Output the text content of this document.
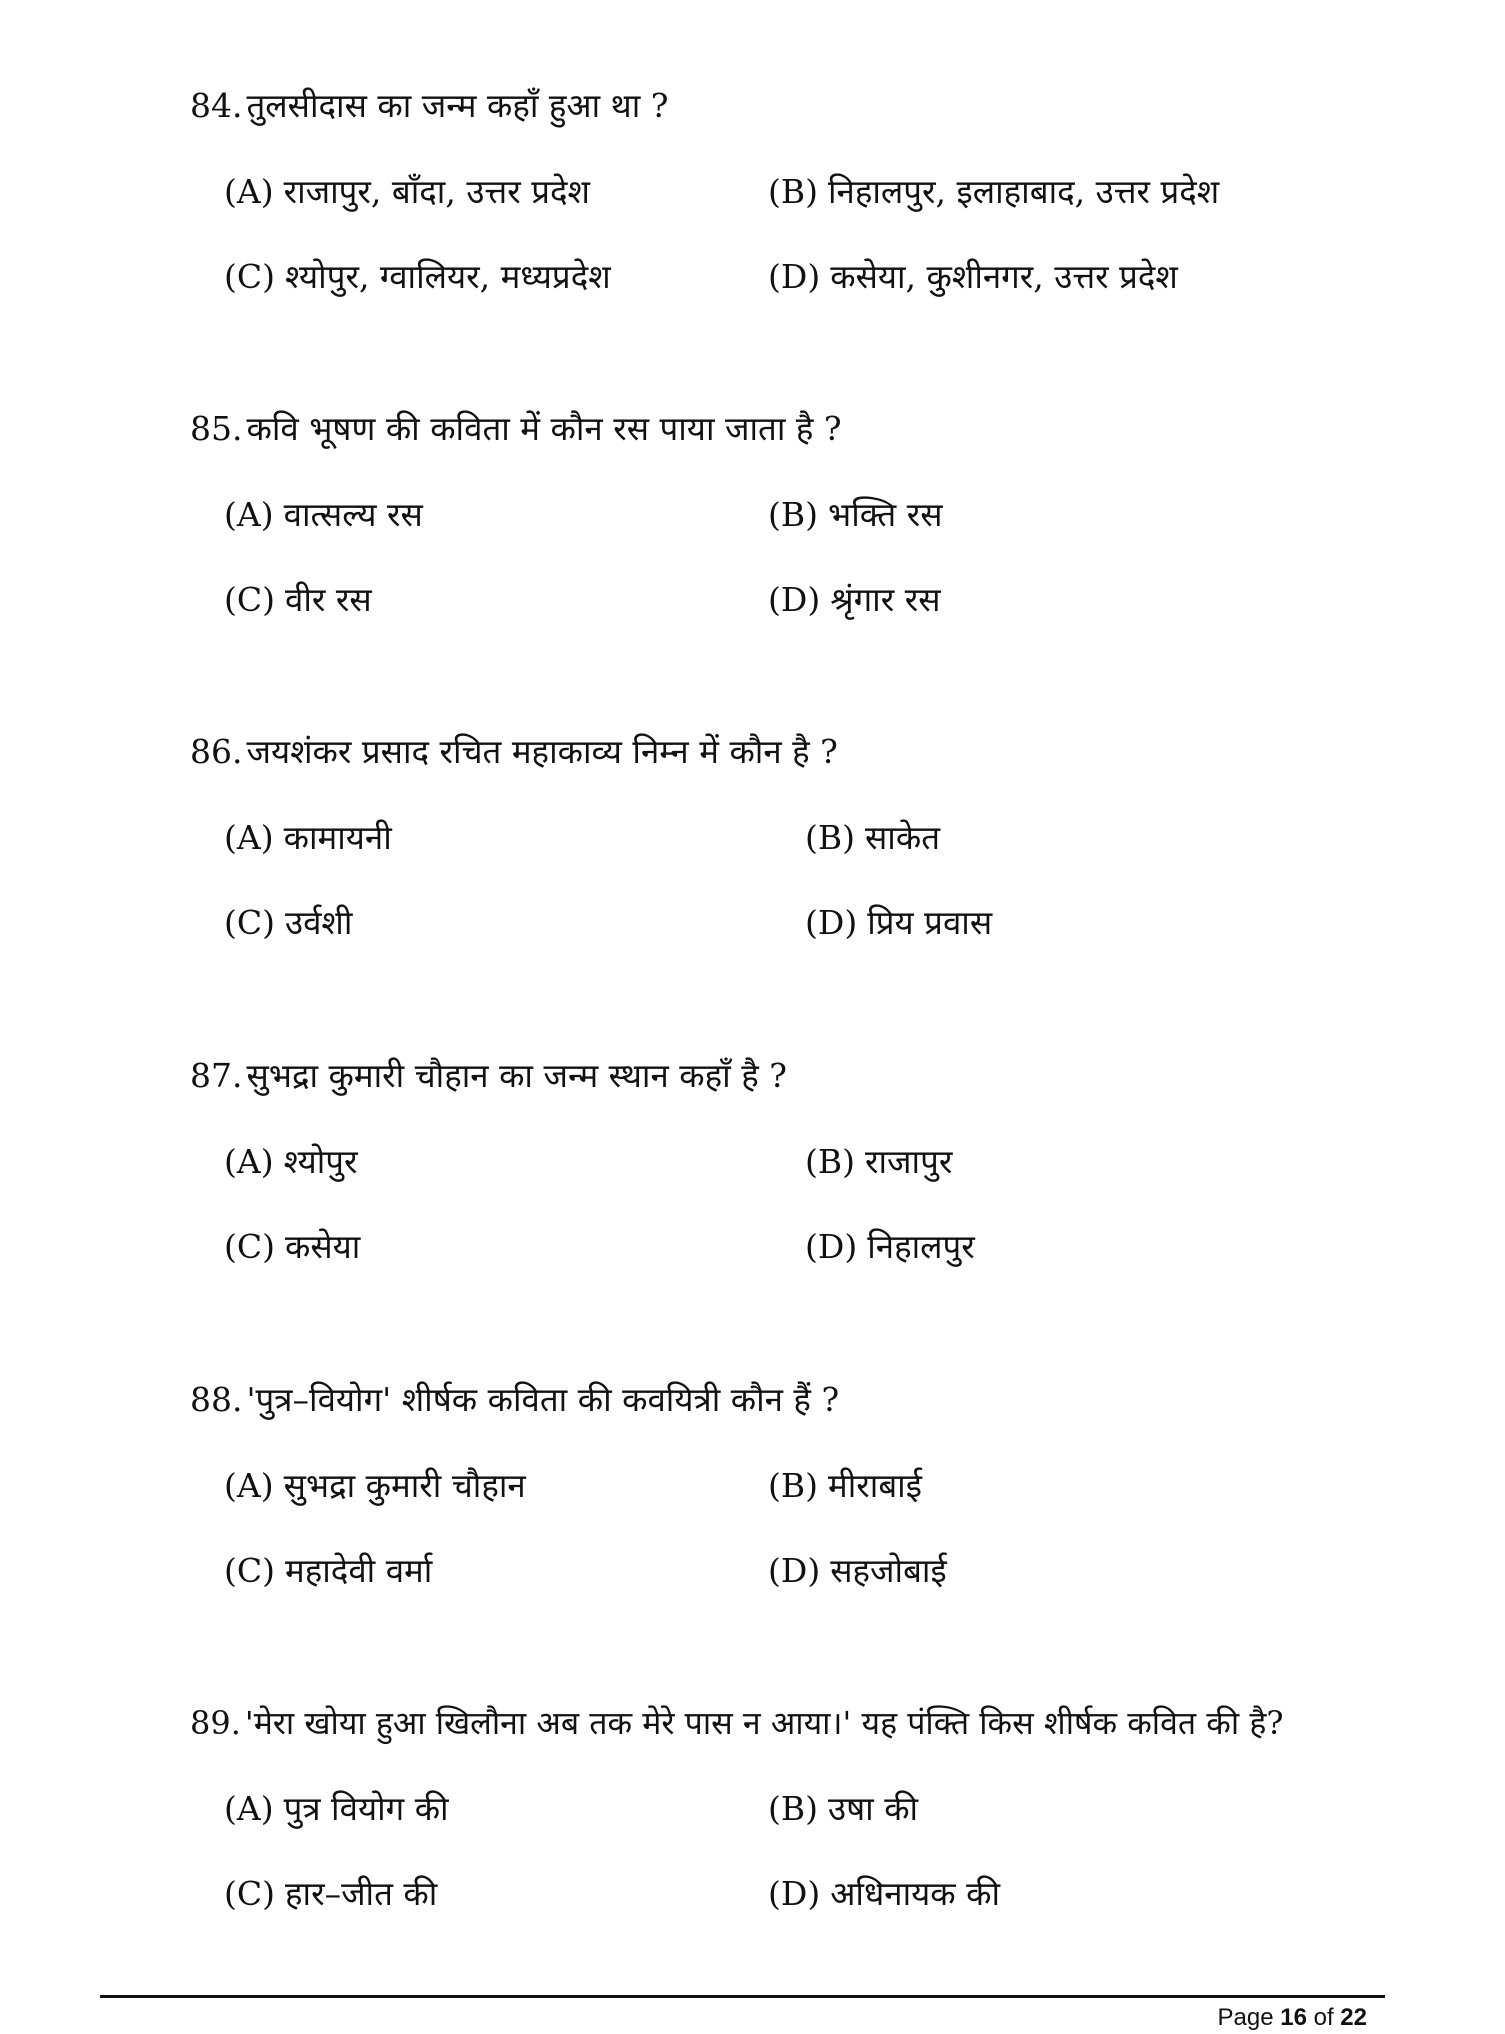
84. तुलसीदास का जन्म कहाँ हुआ था ?
(A) राजापुर, बाँदा, उत्तर प्रदेश	(B) निहालपुर, इलाहाबाद, उत्तर प्रदेश
(C) श्योपुर, ग्वालियर, मध्यप्रदेश	(D) कसेया, कुशीनगर, उत्तर प्रदेश
85. कवि भूषण की कविता में कौन रस पाया जाता है ?
(A) वात्सल्य रस	(B) भक्ति रस
(C) वीर रस	(D) श्रृंगार रस
86. जयशंकर प्रसाद रचित महाकाव्य निम्न में कौन है ?
(A) कामायनी	(B) साकेत
(C) उर्वशी	(D) प्रिय प्रवास
87. सुभद्रा कुमारी चौहान का जन्म स्थान कहाँ है ?
(A) श्योपुर	(B) राजापुर
(C) कसेया	(D) निहालपुर
88. 'पुत्र–वियोग' शीर्षक कविता की कवयित्री कौन हैं ?
(A) सुभद्रा कुमारी चौहान	(B) मीराबाई
(C) महादेवी वर्मा	(D) सहजोबाई
89. 'मेरा खोया हुआ खिलौना अब तक मेरे पास न आया।' यह पंक्ति किस शीर्षक कवित की है?
(A) पुत्र वियोग की	(B) उषा की
(C) हार–जीत की	(D) अधिनायक की
Page 16 of 22
